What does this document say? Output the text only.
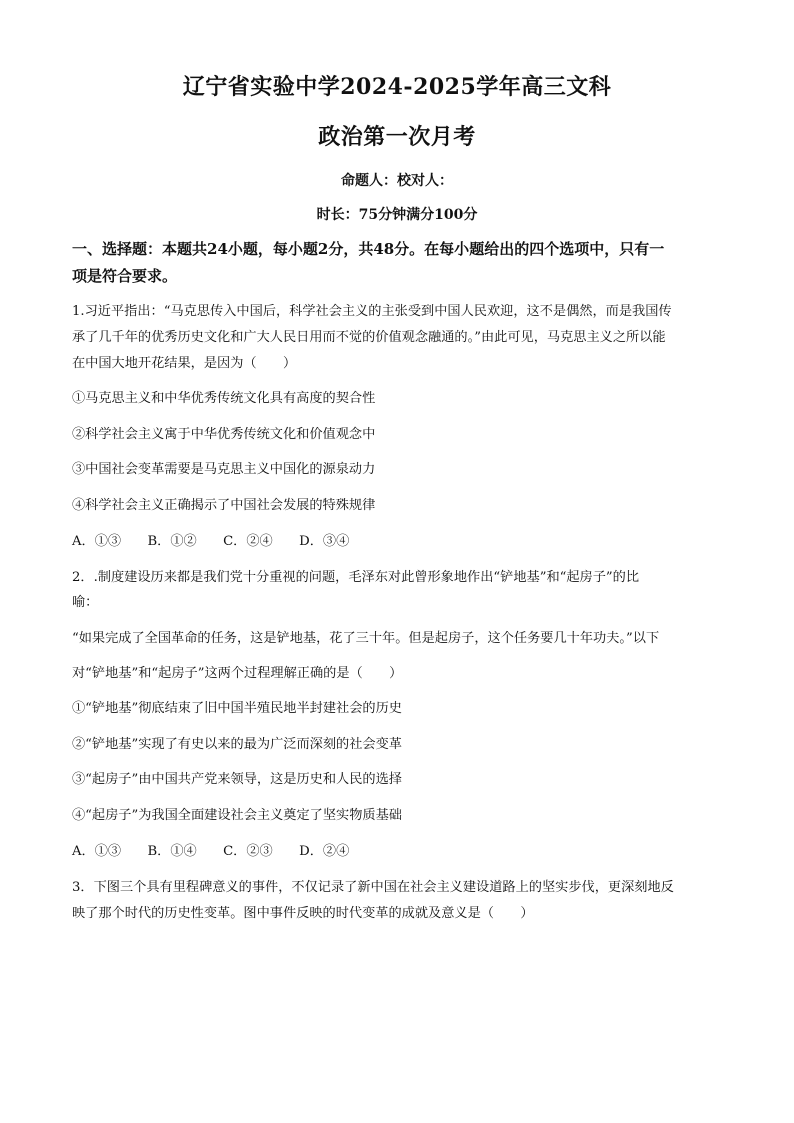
辽宁省实验中学2024-2025学年高三文科
政治第一次月考
命题人：校对人：
时长：75分钟满分100分
一、选择题：本题共24小题，每小题2分，共48分。在每小题给出的四个选项中，只有一
项是符合要求。
1.习近平指出：“马克思传入中国后，科学社会主义的主张受到中国人民欢迎，这不是偶然，而是我国传
承了几千年的优秀历史文化和广大人民日用而不觉的价值观念融通的。”由此可见，马克思主义之所以能
在中国大地开花结果，是因为（　　）
①马克思主义和中华优秀传统文化具有高度的契合性
②科学社会主义寓于中华优秀传统文化和价值观念中
③中国社会变革需要是马克思主义中国化的源泉动力
④科学社会主义正确揭示了中国社会发展的特殊规律
A．①③　　B．①②　　C．②④　　D．③④
2．.制度建设历来都是我们党十分重视的问题，毛泽东对此曾形象地作出“铲地基”和“起房子”的比
喻：
“如果完成了全国革命的任务，这是铲地基，花了三十年。但是起房子，这个任务要几十年功夫。”以下
对“铲地基”和“起房子”这两个过程理解正确的是（　　）
①“铲地基”彻底结束了旧中国半殖民地半封建社会的历史
②“铲地基”实现了有史以来的最为广泛而深刻的社会变革
③“起房子”由中国共产党来领导，这是历史和人民的选择
④“起房子”为我国全面建设社会主义奠定了坚实物质基础
A．①③　　B．①④　　C．②③　　D．②④
3．下图三个具有里程碑意义的事件，不仅记录了新中国在社会主义建设道路上的坚实步伐，更深刻地反
映了那个时代的历史性变革。图中事件反映的时代变革的成就及意义是（　　）
